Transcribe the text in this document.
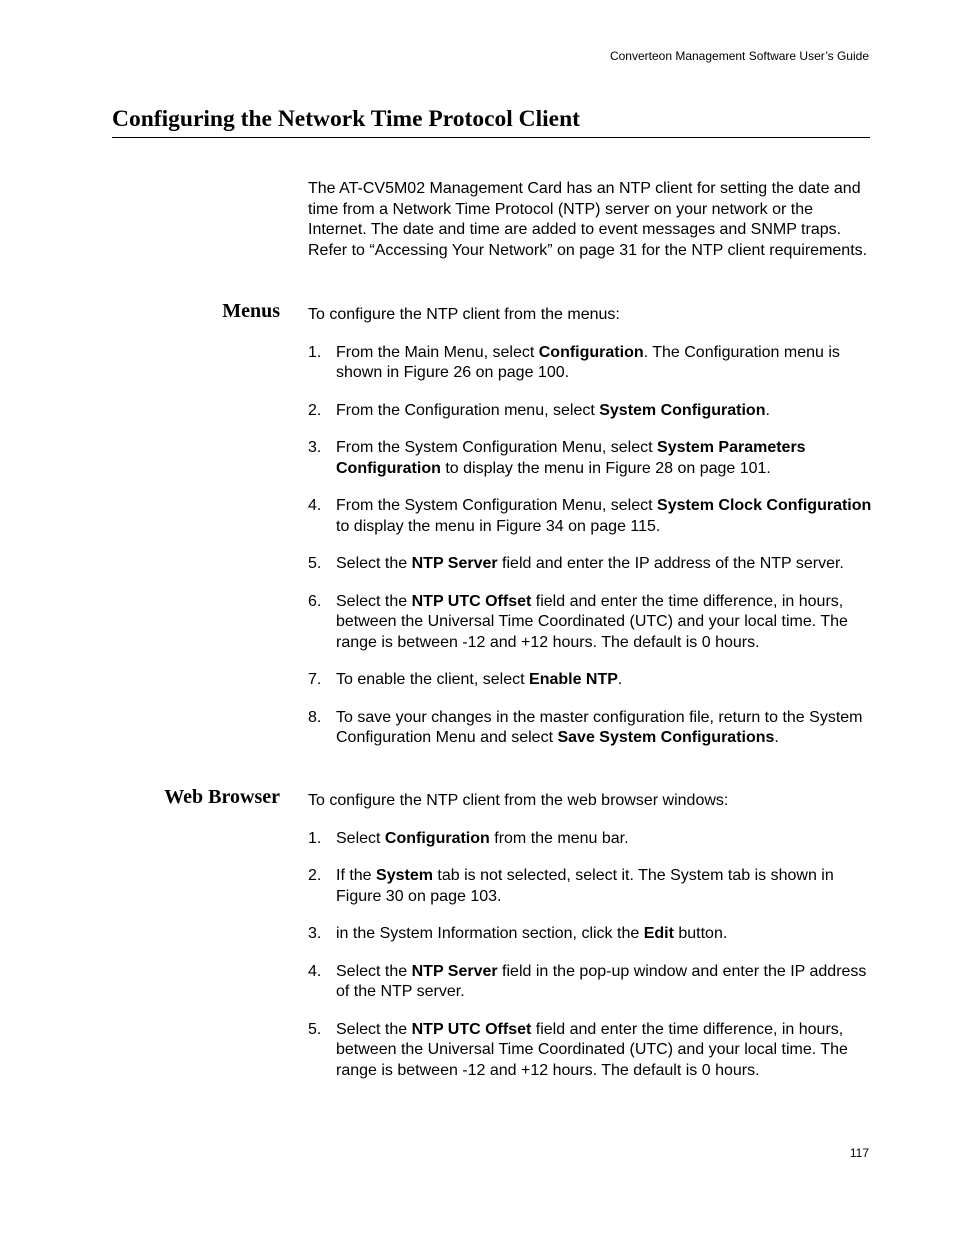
Converteon Management Software User’s Guide
Configuring the Network Time Protocol Client

The AT-CV5M02 Management Card has an NTP client for setting the date and time from a Network Time Protocol (NTP) server on your network or the Internet. The date and time are added to event messages and SNMP traps. Refer to “Accessing Your Network” on page 31 for the NTP client requirements.

Menus To configure the NTP client from the menus:

1. From the Main Menu, select Configuration. The Configuration menu is shown in Figure 26 on page 100.
2. From the Configuration menu, select System Configuration.
3. From the System Configuration Menu, select System Parameters Configuration to display the menu in Figure 28 on page 101.
4. From the System Configuration Menu, select System Clock Configuration to display the menu in Figure 34 on page 115.
5. Select the NTP Server field and enter the IP address of the NTP server.
6. Select the NTP UTC Offset field and enter the time difference, in hours, between the Universal Time Coordinated (UTC) and your local time. The range is between -12 and +12 hours. The default is 0 hours.
7. To enable the client, select Enable NTP.
8. To save your changes in the master configuration file, return to the System Configuration Menu and select Save System Configurations.
Web Browser To configure the NTP client from the web browser windows:

1. Select Configuration from the menu bar.
2. If the System tab is not selected, select it. The System tab is shown in Figure 30 on page 103.
3. in the System Information section, click the Edit button.
4. Select the NTP Server field in the pop-up window and enter the IP address of the NTP server.
5. Select the NTP UTC Offset field and enter the time difference, in hours, between the Universal Time Coordinated (UTC) and your local time. The range is between -12 and +12 hours. The default is 0 hours.
117
